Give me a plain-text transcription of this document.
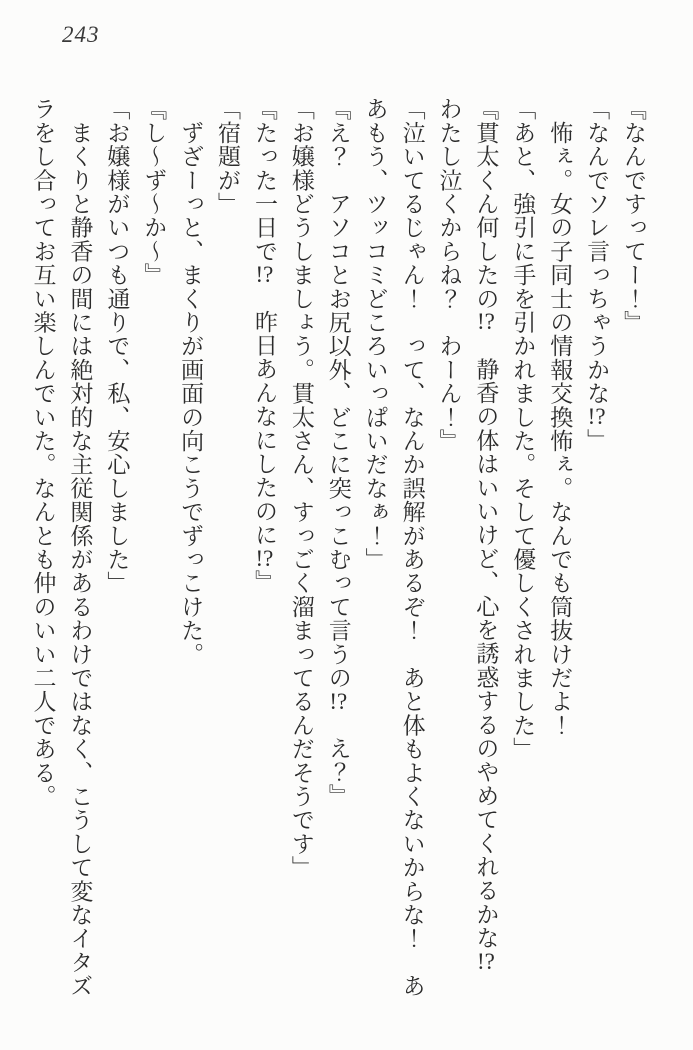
243

『なんですってー！』

「なんでソレ言っちゃうかな!?」

　怖ぇ。女の子同士の情報交換怖ぇ。なんでも筒抜けだよ！

「あと、強引に手を引かれました。そして優しくされました」

『貫太くん何したの!?　静香の体はいいけど、心を誘惑するのやめてくれるかな!?

わたし泣くからね？　わーん！』

「泣いてるじゃん！　って、なんか誤解があるぞ！　あと体もよくないからな！　あ

あもう、ツッコミどころいっぱいだなぁ！」

『え？　アソコとお尻以外、どこに突っこむって言うの!?　え？』

「お嬢様どうしましょう。貫太さん、すっごく溜まってるんだそうです」

『たった一日で!?　昨日あんなにしたのに!?』

「宿題が」

　ずざーっと、まくりが画面の向こうでずっこけた。

『し〜ず〜か〜』

「お嬢様がいつも通りで、私、安心しました」

　まくりと静香の間には絶対的な主従関係があるわけではなく、こうして変なイタズ

ラをし合ってお互い楽しんでいた。なんとも仲のいい二人である。
